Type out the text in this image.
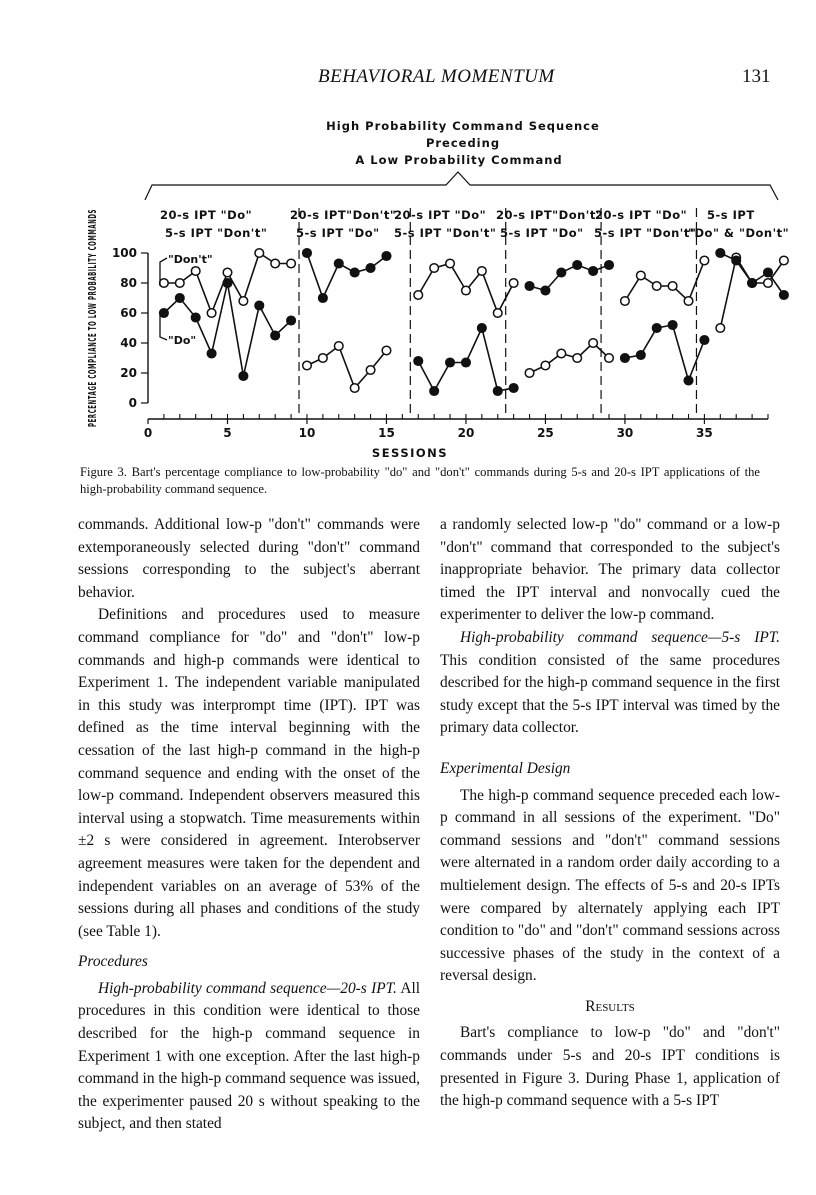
BEHAVIORAL MOMENTUM	131
High Probability Command Sequence
Preceding
A Low Probability Command
20-s IPT "Do"
5-s IPT "Don't"
20-s IPT"Don't"
5-s IPT "Do"
20-s IPT "Do"
5-s IPT "Don't"
20-s IPT"Don't"
5-s IPT "Do"
20-s IPT "Do"
5-s IPT "Don't"
5-s IPT
"Do" & "Don't"
PERCENTAGE COMPLIANCE TO LOW PROBABILITY COMMANDS
SESSIONS
0	5	10	15	20	25	30	35
0
20
40
60
80
100	"Don't"
"Do"
Figure 3. Bart's percentage compliance to low-probability "do" and "don't" commands during 5-s and 20-s IPT applications of the high-probability command sequence.

commands. Additional low-p "don't" commands were extemporaneously selected during "don't" command sessions corresponding to the subject's aberrant behavior.

Definitions and procedures used to measure command compliance for "do" and "don't" low-p commands and high-p commands were identical to Experiment 1. The independent variable manipulated in this study was interprompt time (IPT). IPT was defined as the time interval beginning with the cessation of the last high-p command in the high-p command sequence and ending with the onset of the low-p command. Independent observers measured this interval using a stopwatch. Time measurements within ±2 s were considered in agreement. Interobserver agreement measures were taken for the dependent and independent variables on an average of 53% of the sessions during all phases and conditions of the study (see Table 1).

Procedures

High-probability command sequence—20-s IPT. All procedures in this condition were identical to those described for the high-p command sequence in Experiment 1 with one exception. After the last high-p command in the high-p command sequence was issued, the experimenter paused 20 s without speaking to the subject, and then stated

a randomly selected low-p "do" command or a low-p "don't" command that corresponded to the subject's inappropriate behavior. The primary data collector timed the IPT interval and nonvocally cued the experimenter to deliver the low-p command.

High-probability command sequence—5-s IPT. This condition consisted of the same procedures described for the high-p command sequence in the first study except that the 5-s IPT interval was timed by the primary data collector.

Experimental Design

The high-p command sequence preceded each low-p command in all sessions of the experiment. "Do" command sessions and "don't" command sessions were alternated in a random order daily according to a multielement design. The effects of 5-s and 20-s IPTs were compared by alternately applying each IPT condition to "do" and "don't" command sessions across successive phases of the study in the context of a reversal design.

Results

Bart's compliance to low-p "do" and "don't" commands under 5-s and 20-s IPT conditions is presented in Figure 3. During Phase 1, application of the high-p command sequence with a 5-s IPT
